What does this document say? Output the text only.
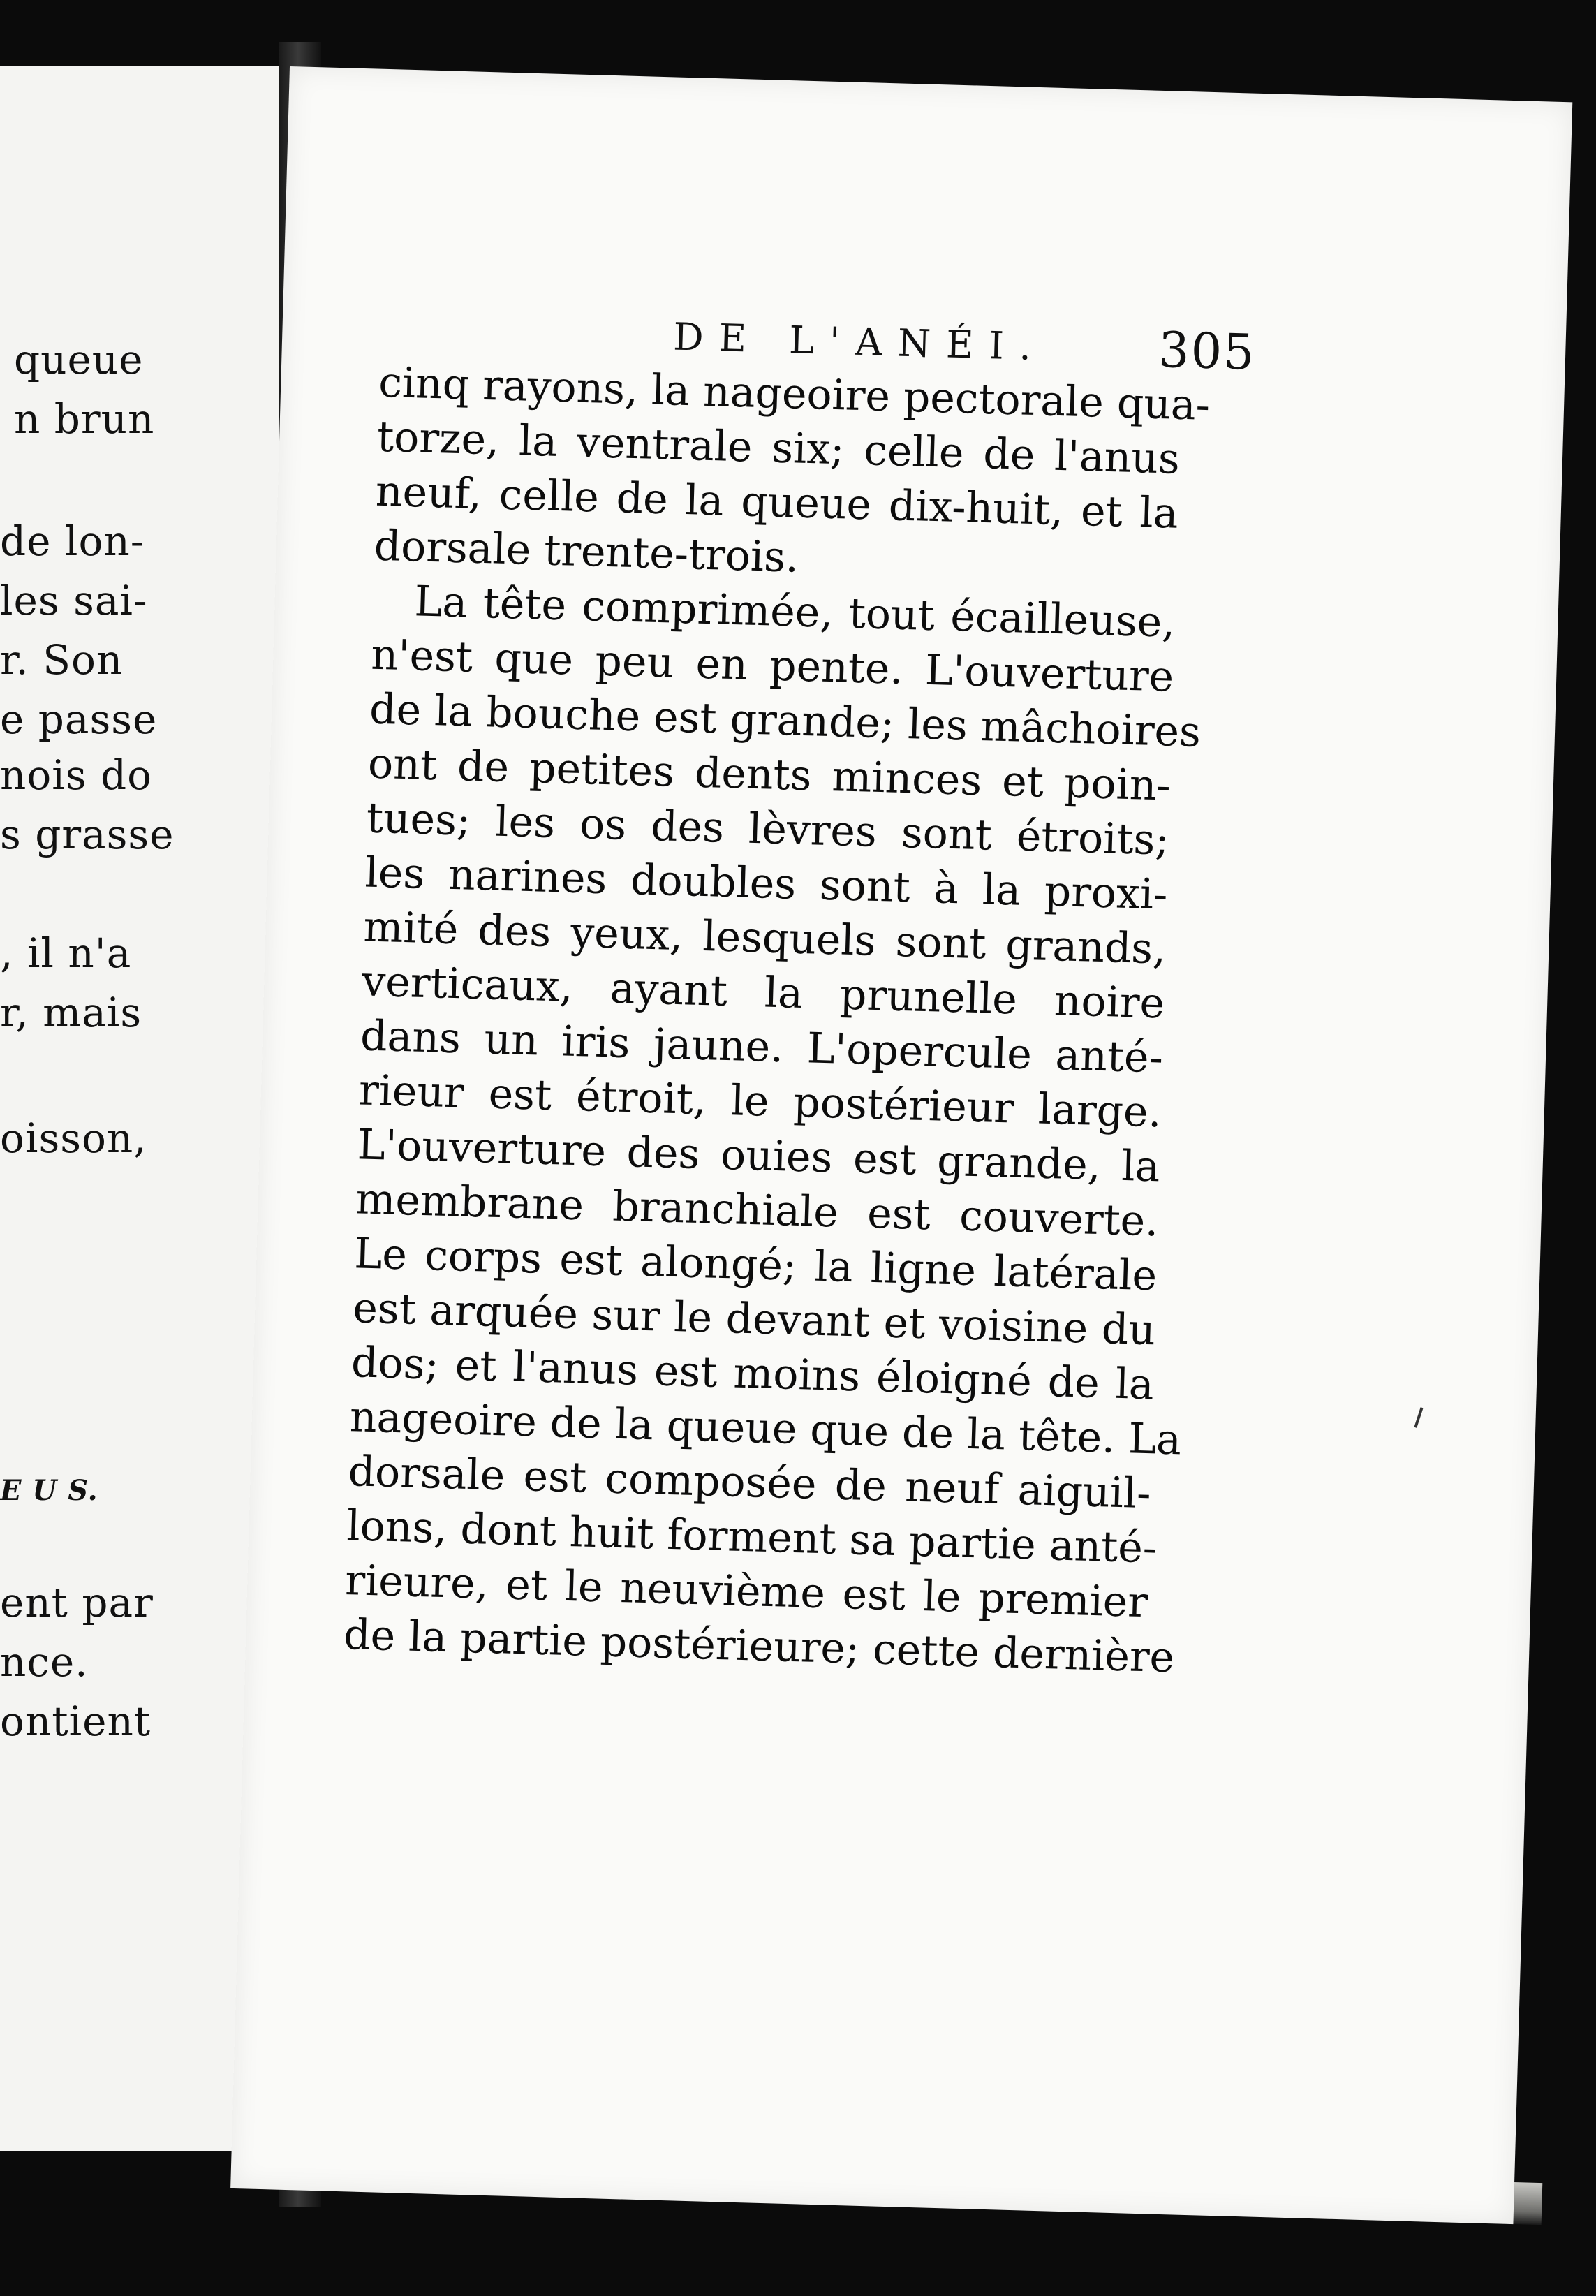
queue
n brun
de lon-
les sai-
r. Son
e passe
nois do
s grasse
, il n'a
r, mais
oisson,
E U S.
ent par
nce.
ontient
DE L'ANÉI.	305
cinq rayons, la nageoire pectorale qua-
torze, la ventrale six; celle de l'anus
neuf, celle de la queue dix-huit, et la
dorsale trente-trois.
La tête comprimée, tout écailleuse,
n'est que peu en pente. L'ouverture
de la bouche est grande; les mâchoires
ont de petites dents minces et poin-
tues; les os des lèvres sont étroits;
les narines doubles sont à la proxi-
mité des yeux, lesquels sont grands,
verticaux, ayant la prunelle noire
dans un iris jaune. L'opercule anté-
rieur est étroit, le postérieur large.
L'ouverture des ouies est grande, la
membrane branchiale est couverte.
Le corps est alongé; la ligne latérale
est arquée sur le devant et voisine du
dos; et l'anus est moins éloigné de la
nageoire de la queue que de la tête. La
dorsale est composée de neuf aiguil-
lons, dont huit forment sa partie anté-
rieure, et le neuvième est le premier
de la partie postérieure; cette dernière
